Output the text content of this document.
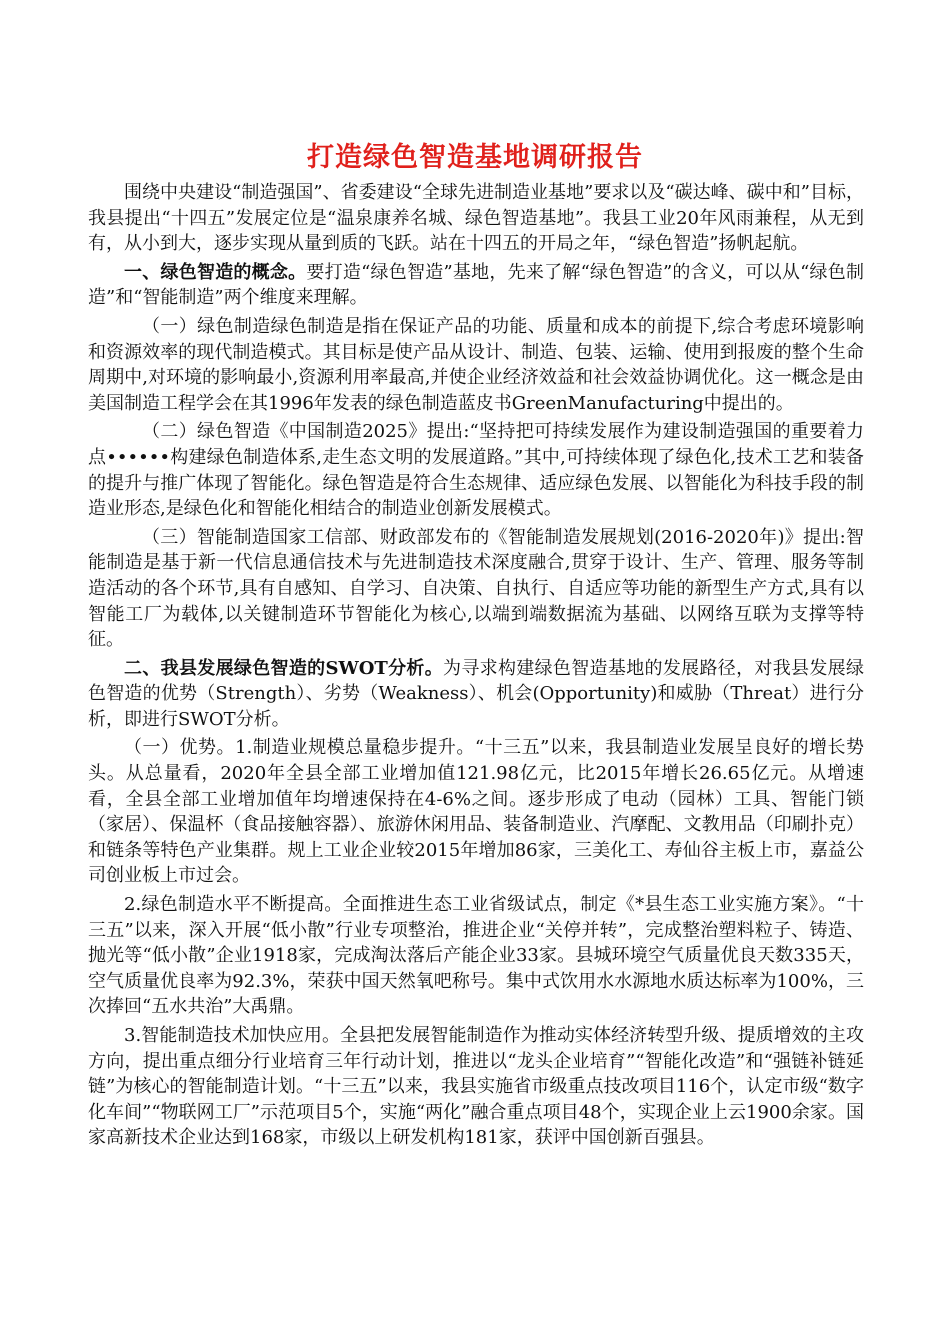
打造绿色智造基地调研报告

围绕中央建设“制造强国”、省委建设“全球先进制造业基地”要求以及“碳达峰、碳中和”目标，我县提出“十四五”发展定位是“温泉康养名城、绿色智造基地”。我县工业20年风雨兼程，从无到有，从小到大，逐步实现从量到质的飞跃。站在十四五的开局之年，“绿色智造”扬帆起航。

一、绿色智造的概念。要打造“绿色智造”基地，先来了解“绿色智造”的含义，可以从“绿色制造”和“智能制造”两个维度来理解。

（一）绿色制造绿色制造是指在保证产品的功能、质量和成本的前提下,综合考虑环境影响和资源效率的现代制造模式。其目标是使产品从设计、制造、包装、运输、使用到报废的整个生命周期中,对环境的影响最小,资源利用率最高,并使企业经济效益和社会效益协调优化。这一概念是由美国制造工程学会在其1996年发表的绿色制造蓝皮书GreenManufacturing中提出的。

（二）绿色智造《中国制造2025》提出:“坚持把可持续发展作为建设制造强国的重要着力点••••••构建绿色制造体系,走生态文明的发展道路。”其中,可持续体现了绿色化,技术工艺和装备的提升与推广体现了智能化。绿色智造是符合生态规律、适应绿色发展、以智能化为科技手段的制造业形态,是绿色化和智能化相结合的制造业创新发展模式。

（三）智能制造国家工信部、财政部发布的《智能制造发展规划(2016-2020年)》提出:智能制造是基于新一代信息通信技术与先进制造技术深度融合,贯穿于设计、生产、管理、服务等制造活动的各个环节,具有自感知、自学习、自决策、自执行、自适应等功能的新型生产方式,具有以智能工厂为载体,以关键制造环节智能化为核心,以端到端数据流为基础、以网络互联为支撑等特征。

二、我县发展绿色智造的SWOT分析。为寻求构建绿色智造基地的发展路径，对我县发展绿色智造的优势（Strength）、劣势（Weakness）、机会(Opportunity)和威胁（Threat）进行分析，即进行SWOT分析。

（一）优势。1.制造业规模总量稳步提升。“十三五”以来，我县制造业发展呈良好的增长势头。从总量看，2020年全县全部工业增加值121.98亿元，比2015年增长26.65亿元。从增速看，全县全部工业增加值年均增速保持在4-6%之间。逐步形成了电动（园林）工具、智能门锁（家居）、保温杯（食品接触容器）、旅游休闲用品、装备制造业、汽摩配、文教用品（印刷扑克）和链条等特色产业集群。规上工业企业较2015年增加86家，三美化工、寿仙谷主板上市，嘉益公司创业板上市过会。

2.绿色制造水平不断提高。全面推进生态工业省级试点，制定《*县生态工业实施方案》。“十三五”以来，深入开展“低小散”行业专项整治，推进企业“关停并转”，完成整治塑料粒子、铸造、抛光等“低小散”企业1918家，完成淘汰落后产能企业33家。县城环境空气质量优良天数335天，空气质量优良率为92.3%，荣获中国天然氧吧称号。集中式饮用水水源地水质达标率为100%，三次捧回“五水共治”大禹鼎。

3.智能制造技术加快应用。全县把发展智能制造作为推动实体经济转型升级、提质增效的主攻方向，提出重点细分行业培育三年行动计划，推进以“龙头企业培育”“智能化改造”和“强链补链延链”为核心的智能制造计划。“十三五”以来，我县实施省市级重点技改项目116个，认定市级“数字化车间”“物联网工厂”示范项目5个，实施“两化”融合重点项目48个，实现企业上云1900余家。国家高新技术企业达到168家，市级以上研发机构181家，获评中国创新百强县。
